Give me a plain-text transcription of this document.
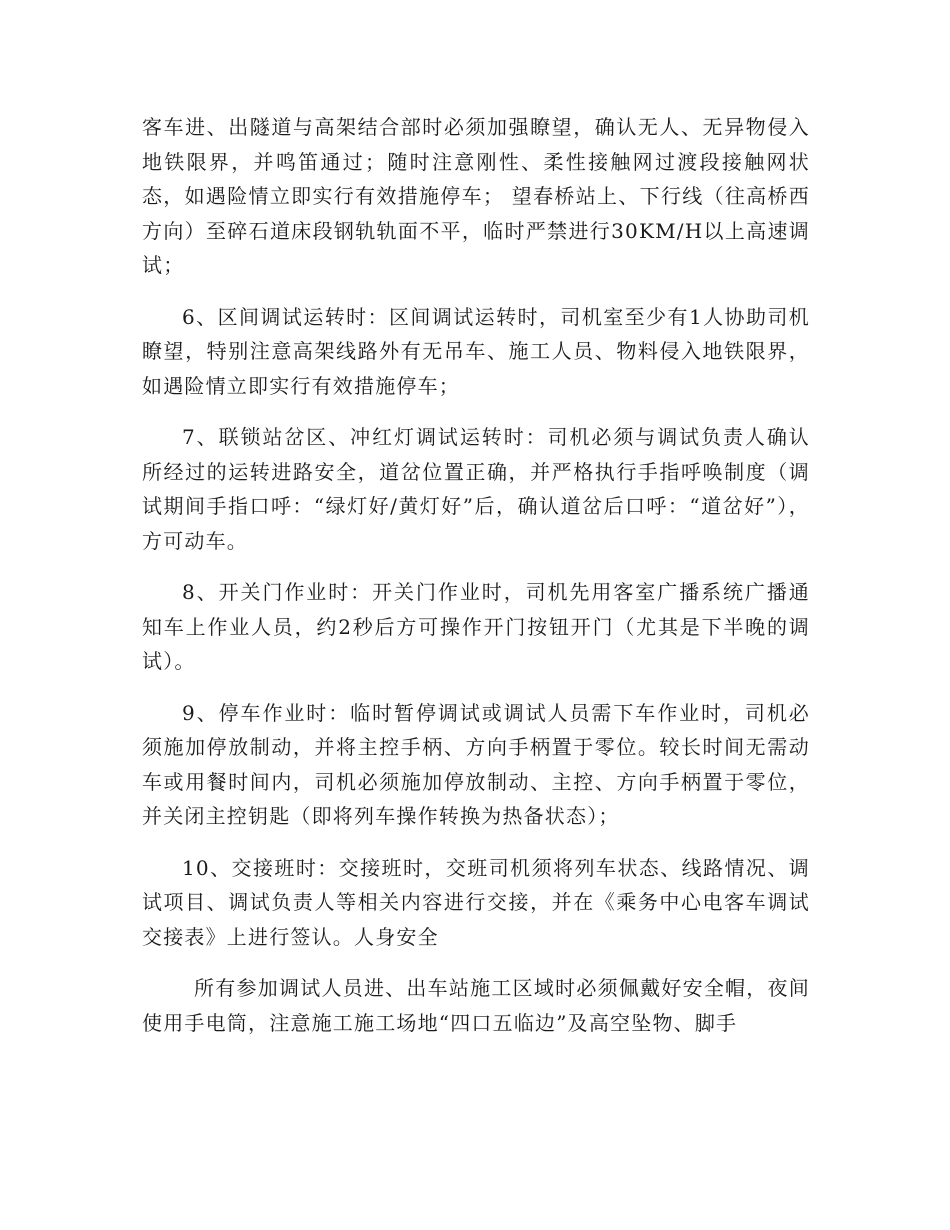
客车进、出隧道与高架结合部时必须加强瞭望，确认无人、无异物侵入地铁限界，并鸣笛通过；随时注意刚性、柔性接触网过渡段接触网状态，如遇险情立即实行有效措施停车； 望春桥站上、下行线（往高桥西方向）至碎石道床段钢轨轨面不平，临时严禁进行30KM/H以上高速调试；

6、区间调试运转时：区间调试运转时，司机室至少有1人协助司机瞭望，特别注意高架线路外有无吊车、施工人员、物料侵入地铁限界，如遇险情立即实行有效措施停车；

7、联锁站岔区、冲红灯调试运转时：司机必须与调试负责人确认所经过的运转进路安全，道岔位置正确，并严格执行手指呼唤制度（调试期间手指口呼：“绿灯好/黄灯好”后，确认道岔后口呼：“道岔好”），方可动车。

8、开关门作业时：开关门作业时，司机先用客室广播系统广播通知车上作业人员，约2秒后方可操作开门按钮开门（尤其是下半晚的调试）。

9、停车作业时：临时暂停调试或调试人员需下车作业时，司机必须施加停放制动，并将主控手柄、方向手柄置于零位。较长时间无需动车或用餐时间内，司机必须施加停放制动、主控、方向手柄置于零位，并关闭主控钥匙（即将列车操作转换为热备状态）；

10、交接班时：交接班时，交班司机须将列车状态、线路情况、调试项目、调试负责人等相关内容进行交接，并在《乘务中心电客车调试交接表》上进行签认。人身安全

所有参加调试人员进、出车站施工区域时必须佩戴好安全帽，夜间使用手电筒，注意施工施工场地“四口五临边”及高空坠物、脚手
